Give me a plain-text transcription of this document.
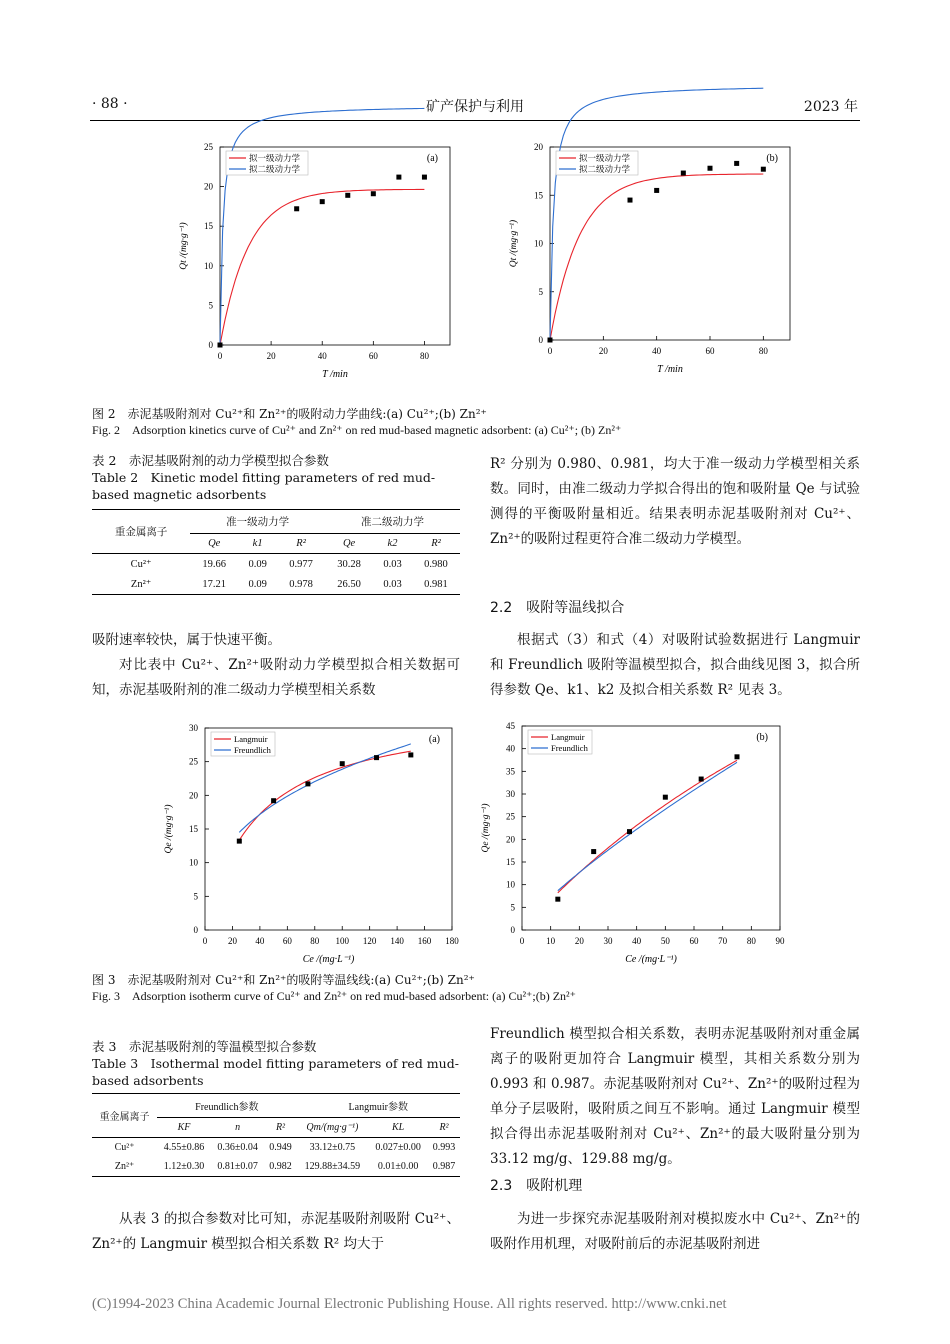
· 88 ·	矿产保护与利用	2023 年
0	20	40	60	80
0
5
10
15
20
25
T /min
Qt /(mg·g⁻¹)
(a)
拟一级动力学
拟二级动力学
0	20	40	60	80
0
5
10
15
20
T /min
Qt /(mg·g⁻¹)
(b)
拟一级动力学
拟二级动力学
图 2　赤泥基吸附剂对 Cu²⁺和 Zn²⁺的吸附动力学曲线:(a) Cu²⁺;(b) Zn²⁺
Fig. 2　Adsorption kinetics curve of Cu²⁺ and Zn²⁺ on red mud-based magnetic adsorbent: (a) Cu²⁺; (b) Zn²⁺
表 2　赤泥基吸附剂的动力学模型拟合参数
Table 2　Kinetic model fitting parameters of red mud-based magnetic adsorbents
重金属离子	准一级动力学			准二级动力学		
	Qe	k1	R²	Qe	k2	R²
Cu²⁺	19.66	0.09	0.977	30.28	0.03	0.980
Zn²⁺	17.21	0.09	0.978	26.50	0.03	0.981
吸附速率较快，属于快速平衡。
对比表中 Cu²⁺、Zn²⁺吸附动力学模型拟合相关数据可知，赤泥基吸附剂的准二级动力学模型相关系数
R² 分别为 0.980、0.981，均大于准一级动力学模型相关系数。同时，由准二级动力学拟合得出的饱和吸附量 Qe 与试验测得的平衡吸附量相近。结果表明赤泥基吸附剂对 Cu²⁺、Zn²⁺的吸附过程更符合准二级动力学模型。
2.2　吸附等温线拟合
根据式（3）和式（4）对吸附试验数据进行 Langmuir 和 Freundlich 吸附等温模型拟合，拟合曲线见图 3，拟合所得参数 Qe、k1、k2 及拟合相关系数 R² 见表 3。
0 20 40 60 80 100 120 140 160 180
0
5
10
15
20
25
30
Ce /(mg·L⁻¹)
Qe /(mg·g⁻¹)
(a)
Langmuir
Freundlich
0 10 20 30 40 50 60 70 80 90
0
5
10
15
20
25
30
35
40
45
Ce /(mg·L⁻¹)
Qe /(mg·g⁻¹)
(b)
Langmuir
Freundlich
图 3　赤泥基吸附剂对 Cu²⁺和 Zn²⁺的吸附等温线线:(a) Cu²⁺;(b) Zn²⁺
Fig. 3　Adsorption isotherm curve of Cu²⁺ and Zn²⁺ on red mud-based adsorbent: (a) Cu²⁺;(b) Zn²⁺
表 3　赤泥基吸附剂的等温模型拟合参数
Table 3　Isothermal model fitting parameters of red mud-based adsorbents
重金属离子	Freundlich参数			Langmuir参数		
	KF	n	R²	Qm/(mg·g⁻¹)	KL	R²
Cu²⁺	4.55±0.86	0.36±0.04	0.949	33.12±0.75	0.027±0.00	0.993
Zn²⁺	1.12±0.30	0.81±0.07	0.982	129.88±34.59	0.01±0.00	0.987
从表 3 的拟合参数对比可知，赤泥基吸附剂吸附 Cu²⁺、Zn²⁺的 Langmuir 模型拟合相关系数 R² 均大于
Freundlich 模型拟合相关系数，表明赤泥基吸附剂对重金属离子的吸附更加符合 Langmuir 模型，其相关系数分别为 0.993 和 0.987。赤泥基吸附剂对 Cu²⁺、Zn²⁺的吸附过程为单分子层吸附，吸附质之间互不影响。通过 Langmuir 模型拟合得出赤泥基吸附剂对 Cu²⁺、Zn²⁺的最大吸附量分别为 33.12 mg/g、129.88 mg/g。
2.3　吸附机理
为进一步探究赤泥基吸附剂对模拟废水中 Cu²⁺、Zn²⁺的吸附作用机理，对吸附前后的赤泥基吸附剂进
(C)1994-2023 China Academic Journal Electronic Publishing House. All rights reserved. http://www.cnki.net
